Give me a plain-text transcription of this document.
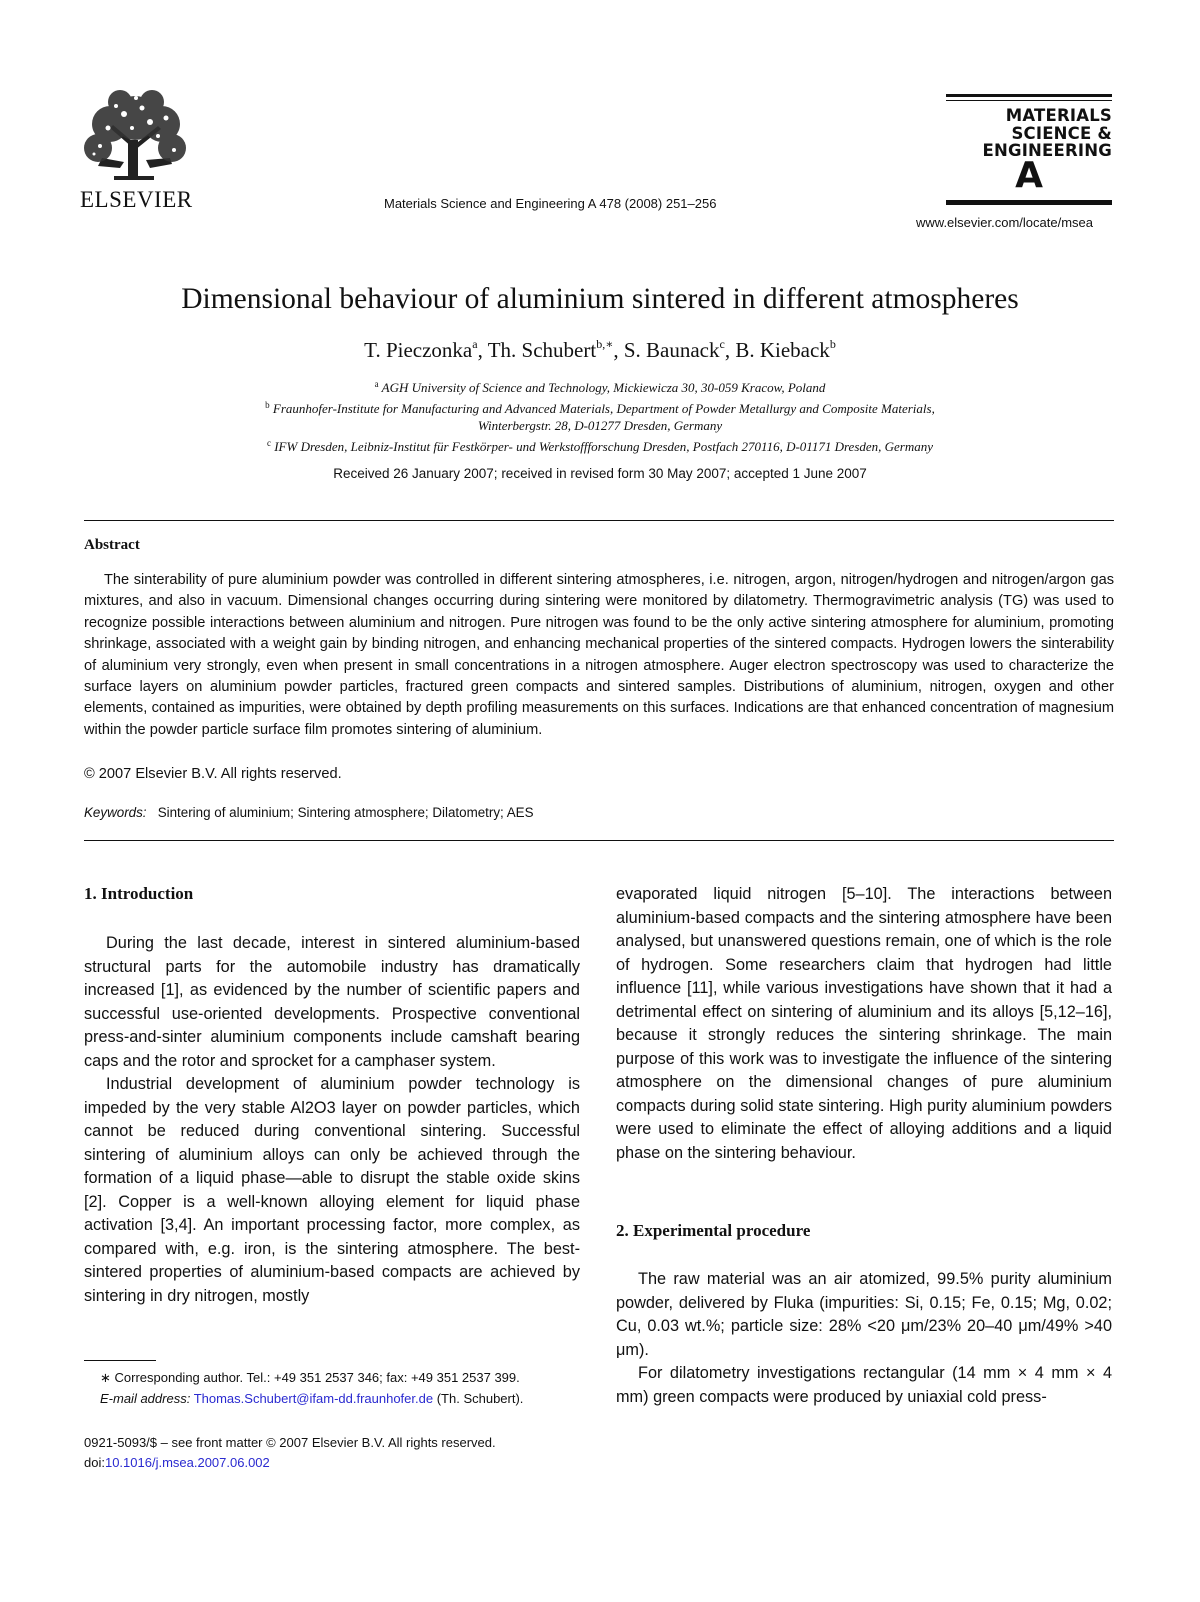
ELSEVIER	Materials Science and Engineering A 478 (2008) 251–256
MATERIALS
SCIENCE &
ENGINEERING
A
www.elsevier.com/locate/msea
Dimensional behaviour of aluminium sintered in different atmospheres
T. Pieczonka$^a$, Th. Schubert$^{b,∗}$, S. Baunack$^c$, B. Kieback$^b$
$^a$ AGH University of Science and Technology, Mickiewicza 30, 30-059 Kracow, Poland
$^b$ Fraunhofer-Institute for Manufacturing and Advanced Materials, Department of Powder Metallurgy and Composite Materials,
Winterbergstr. 28, D-01277 Dresden, Germany
$^c$ IFW Dresden, Leibniz-Institut für Festkörper- und Werkstoffforschung Dresden, Postfach 270116, D-01171 Dresden, Germany
Received 26 January 2007; received in revised form 30 May 2007; accepted 1 June 2007
Abstract
The sinterability of pure aluminium powder was controlled in different sintering atmospheres, i.e. nitrogen, argon, nitrogen/hydrogen and nitrogen/argon gas mixtures, and also in vacuum. Dimensional changes occurring during sintering were monitored by dilatometry. Thermogravimetric analysis (TG) was used to recognize possible interactions between aluminium and nitrogen. Pure nitrogen was found to be the only active sintering atmosphere for aluminium, promoting shrinkage, associated with a weight gain by binding nitrogen, and enhancing mechanical properties of the sintered compacts. Hydrogen lowers the sinterability of aluminium very strongly, even when present in small concentrations in a nitrogen atmosphere. Auger electron spectroscopy was used to characterize the surface layers on aluminium powder particles, fractured green compacts and sintered samples. Distributions of aluminium, nitrogen, oxygen and other elements, contained as impurities, were obtained by depth profiling measurements on this surfaces. Indications are that enhanced concentration of magnesium within the powder particle surface film promotes sintering of aluminium.
© 2007 Elsevier B.V. All rights reserved.
Keywords: Sintering of aluminium; Sintering atmosphere; Dilatometry; AES
1. Introduction

During the last decade, interest in sintered aluminium-based structural parts for the automobile industry has dramatically increased [1], as evidenced by the number of scientific papers and successful use-oriented developments. Prospective conventional press-and-sinter aluminium components include camshaft bearing caps and the rotor and sprocket for a camphaser system.

Industrial development of aluminium powder technology is impeded by the very stable Al2O3 layer on powder particles, which cannot be reduced during conventional sintering. Successful sintering of aluminium alloys can only be achieved through the formation of a liquid phase—able to disrupt the stable oxide skins [2]. Copper is a well-known alloying element for liquid phase activation [3,4]. An important processing factor, more complex, as compared with, e.g. iron, is the sintering atmosphere. The best-sintered properties of aluminium-based compacts are achieved by sintering in dry nitrogen, mostly

evaporated liquid nitrogen [5–10]. The interactions between aluminium-based compacts and the sintering atmosphere have been analysed, but unanswered questions remain, one of which is the role of hydrogen. Some researchers claim that hydrogen had little influence [11], while various investigations have shown that it had a detrimental effect on sintering of aluminium and its alloys [5,12–16], because it strongly reduces the sintering shrinkage. The main purpose of this work was to investigate the influence of the sintering atmosphere on the dimensional changes of pure aluminium compacts during solid state sintering. High purity aluminium powders were used to eliminate the effect of alloying additions and a liquid phase on the sintering behaviour.

2. Experimental procedure

The raw material was an air atomized, 99.5% purity aluminium powder, delivered by Fluka (impurities: Si, 0.15; Fe, 0.15; Mg, 0.02; Cu, 0.03 wt.%; particle size: 28% <20 μm/23% 20–40 μm/49% >40 μm).

For dilatometry investigations rectangular (14 mm × 4 mm × 4 mm) green compacts were produced by uniaxial cold press-

∗ Corresponding author. Tel.: +49 351 2537 346; fax: +49 351 2537 399.
E-mail address: Thomas.Schubert@ifam-dd.fraunhofer.de (Th. Schubert).
0921-5093/$ – see front matter © 2007 Elsevier B.V. All rights reserved.
doi:10.1016/j.msea.2007.06.002
